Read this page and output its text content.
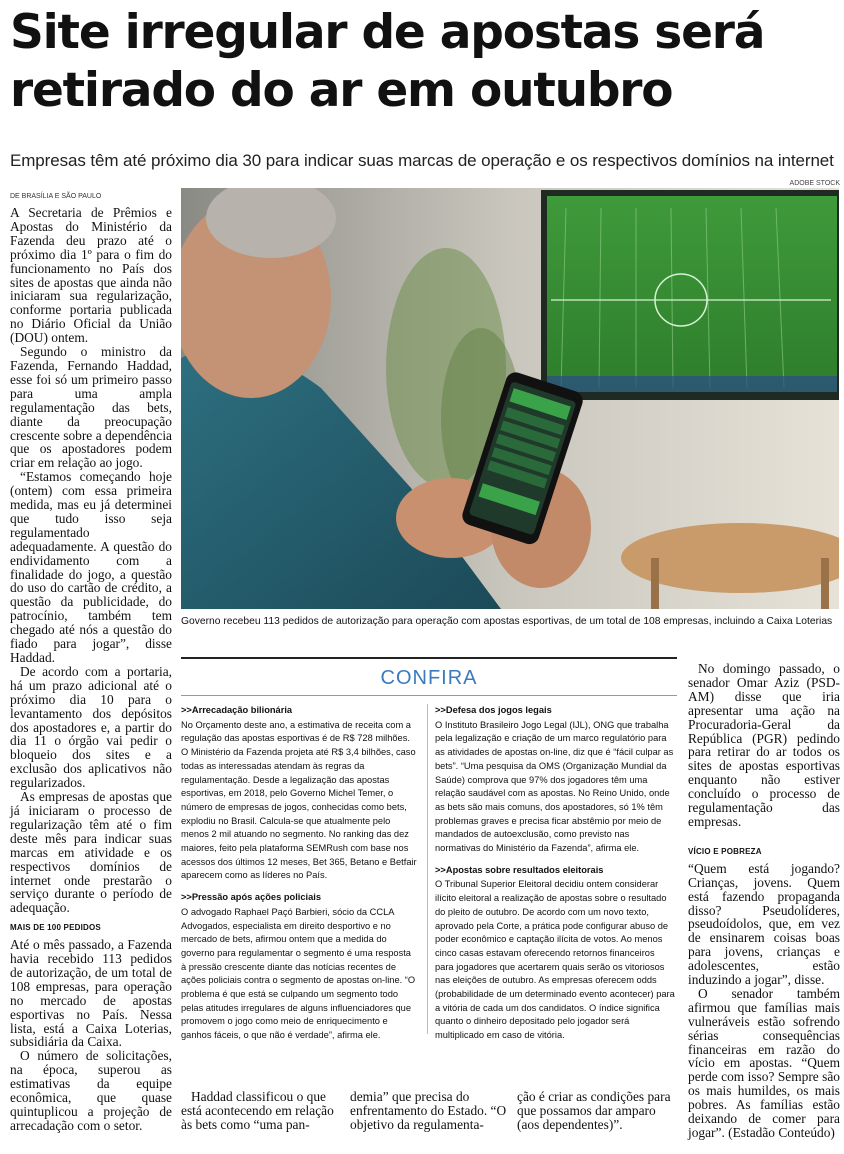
Site irregular de apostas será
retirado do ar em outubro
Empresas têm até próximo dia 30 para indicar suas marcas de operação e os respectivos domínios na internet
ADOBE STOCK
DE BRASÍLIA E SÃO PAULO

A Secretaria de Prêmios e Apostas do Ministério da Fazenda deu prazo até o próximo dia 1º para o fim do funcionamento no País dos sites de apostas que ainda não iniciaram sua regularização, conforme portaria publicada no Diário Oficial da União (DOU) ontem.

Segundo o ministro da Fazenda, Fernando Haddad, esse foi só um primeiro passo para uma ampla regulamentação das bets, diante da preocupação crescente sobre a dependência que os apostadores podem criar em relação ao jogo.

“Estamos começando hoje (ontem) com essa primeira medida, mas eu já determinei que tudo isso seja regulamentado adequadamente. A questão do endividamento com a finalidade do jogo, a questão do uso do cartão de crédito, a questão da publicidade, do patrocínio, também tem chegado até nós a questão do fiado para jogar”, disse Haddad.

De acordo com a portaria, há um prazo adicional até o próximo dia 10 para o levantamento dos depósitos dos apostadores e, a partir do dia 11 o órgão vai pedir o bloqueio dos sites e a exclusão dos aplicativos não regularizados.

As empresas de apostas que já iniciaram o processo de regularização têm até o fim deste mês para indicar suas marcas em atividade e os respectivos domínios de internet onde prestarão o serviço durante o período de adequação.

MAIS DE 100 PEDIDOS

Até o mês passado, a Fazenda havia recebido 113 pedidos de autorização, de um total de 108 empresas, para operação no mercado de apostas esportivas no País. Nessa lista, está a Caixa Loterias, subsidiária da Caixa.

O número de solicitações, na época, superou as estimativas da equipe econômica, que quase quintuplicou a projeção de arrecadação com o setor.

Governo recebeu 113 pedidos de autorização para operação com apostas esportivas, de um total de 108 empresas, incluindo a Caixa Loterias
CONFIRA
>>Arrecadação bilionária

No Orçamento deste ano, a estimativa de receita com a regulação das apostas esportivas é de R$ 728 milhões. O Ministério da Fazenda projeta até R$ 3,4 bilhões, caso todas as interessadas atendam às regras da regulamentação. Desde a legalização das apostas esportivas, em 2018, pelo Governo Michel Temer, o número de empresas de jogos, conhecidas como bets, explodiu no Brasil. Calcula-se que atualmente pelo menos 2 mil atuando no segmento. No ranking das dez maiores, feito pela plataforma SEMRush com base nos acessos dos últimos 12 meses, Bet 365, Betano e Betfair aparecem como as líderes no País.

>>Pressão após ações policiais

O advogado Raphael Paçó Barbieri, sócio da CCLA Advogados, especialista em direito desportivo e no mercado de bets, afirmou ontem que a medida do governo para regulamentar o segmento é uma resposta à pressão crescente diante das notícias recentes de ações policiais contra o segmento de apostas on-line. “O problema é que está se culpando um segmento todo pelas atitudes irregulares de alguns influenciadores que promovem o jogo como meio de enriquecimento e ganhos fáceis, o que não é verdade”, afirma ele.

>>Defesa dos jogos legais

O Instituto Brasileiro Jogo Legal (IJL), ONG que trabalha pela legalização e criação de um marco regulatório para as atividades de apostas on-line, diz que é “fácil culpar as bets”. “Uma pesquisa da OMS (Organização Mundial da Saúde) comprova que 97% dos jogadores têm uma relação saudável com as apostas. No Reino Unido, onde as bets são mais comuns, dos apostadores, só 1% têm problemas graves e precisa ficar abstêmio por meio de mandados de autoexclusão, como previsto nas normativas do Ministério da Fazenda”, afirma ele.

>>Apostas sobre resultados eleitorais

O Tribunal Superior Eleitoral decidiu ontem considerar ilícito eleitoral a realização de apostas sobre o resultado do pleito de outubro. De acordo com um novo texto, aprovado pela Corte, a prática pode configurar abuso de poder econômico e captação ilícita de votos. Ao menos cinco casas estavam oferecendo retornos financeiros para jogadores que acertarem quais serão os vitoriosos nas eleições de outubro. As empresas oferecem odds (probabilidade de um determinado evento acontecer) para a vitória de cada um dos candidatos. O índice significa quanto o dinheiro depositado pelo jogador será multiplicado em caso de vitória.

Haddad classificou o que está acontecendo em relação às bets como “uma pan-

demia” que precisa do enfrentamento do Estado. “O objetivo da regulamenta-

ção é criar as condições para que possamos dar amparo (aos dependentes)”.

No domingo passado, o senador Omar Aziz (PSD-AM) disse que iria apresentar uma ação na Procuradoria-Geral da República (PGR) pedindo para retirar do ar todos os sites de apostas esportivas enquanto não estiver concluído o processo de regulamentação das empresas.

VÍCIO E POBREZA

“Quem está jogando? Crianças, jovens. Quem está fazendo propaganda disso? Pseudolíderes, pseudoídolos, que, em vez de ensinarem coisas boas para jovens, crianças e adolescentes, estão induzindo a jogar”, disse.

O senador também afirmou que famílias mais vulneráveis estão sofrendo sérias consequências financeiras em razão do vício em apostas. “Quem perde com isso? Sempre são os mais humildes, os mais pobres. As famílias estão deixando de comer para jogar”. (Estadão Conteúdo)
